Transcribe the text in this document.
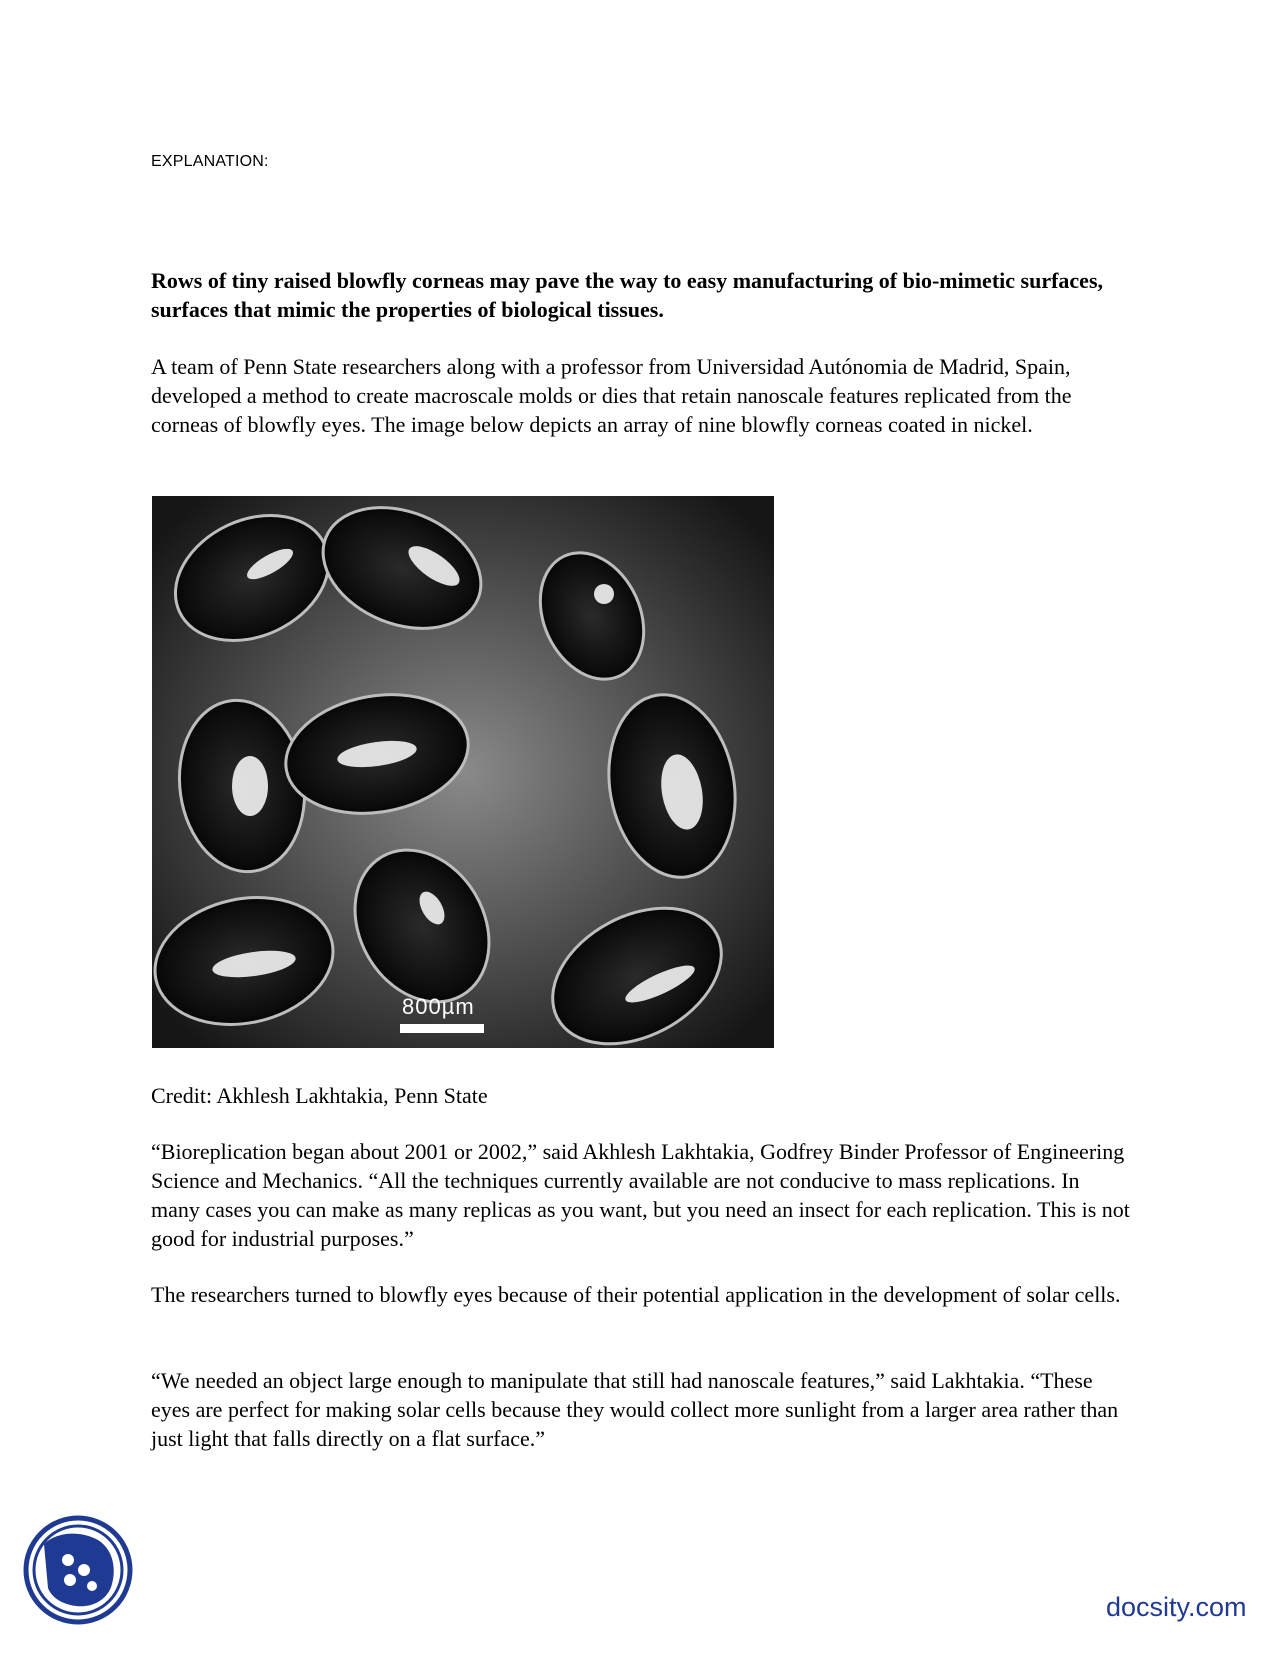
EXPLANATION:

Rows of tiny raised blowfly corneas may pave the way to easy manufacturing of bio-mimetic surfaces, surfaces that mimic the properties of biological tissues.

A team of Penn State researchers along with a professor from Universidad Autónomia de Madrid, Spain, developed a method to create macroscale molds or dies that retain nanoscale features replicated from the corneas of blowfly eyes. The image below depicts an array of nine blowfly corneas coated in nickel.

800µm

Credit: Akhlesh Lakhtakia, Penn State

“Bioreplication began about 2001 or 2002,” said Akhlesh Lakhtakia, Godfrey Binder Professor of Engineering Science and Mechanics. “All the techniques currently available are not conducive to mass replications. In many cases you can make as many replicas as you want, but you need an insect for each replication. This is not good for industrial purposes.”

The researchers turned to blowfly eyes because of their potential application in the development of solar cells.

“We needed an object large enough to manipulate that still had nanoscale features,” said Lakhtakia. “These eyes are perfect for making solar cells because they would collect more sunlight from a larger area rather than just light that falls directly on a flat surface.”

docsity.com
